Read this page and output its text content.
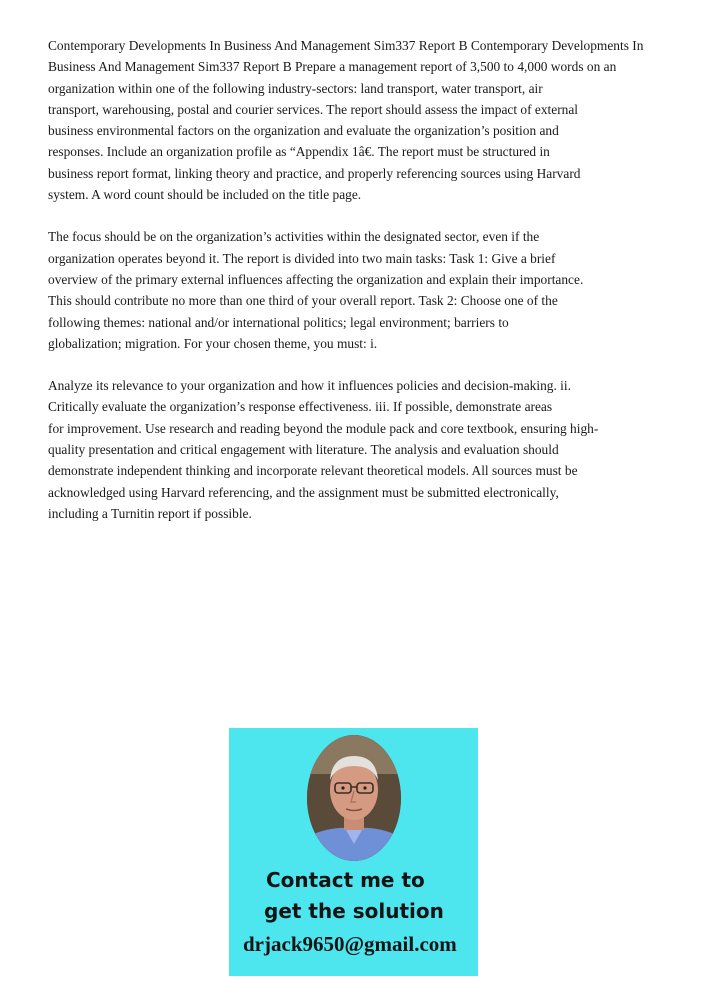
Contemporary Developments In Business And Management Sim337 Report B Contemporary Developments In
Business And Management Sim337 Report B Prepare a management report of 3,500 to 4,000 words on an
organization within one of the following industry-sectors: land transport, water transport, air
transport, warehousing, postal and courier services. The report should assess the impact of external
business environmental factors on the organization and evaluate the organization’s position and
responses. Include an organization profile as “Appendix 1â€. The report must be structured in
business report format, linking theory and practice, and properly referencing sources using Harvard
system. A word count should be included on the title page.

The focus should be on the organization’s activities within the designated sector, even if the
organization operates beyond it. The report is divided into two main tasks: Task 1: Give a brief
overview of the primary external influences affecting the organization and explain their importance.
This should contribute no more than one third of your overall report. Task 2: Choose one of the
following themes: national and/or international politics; legal environment; barriers to
globalization; migration. For your chosen theme, you must: i.

Analyze its relevance to your organization and how it influences policies and decision-making. ii.
Critically evaluate the organization’s response effectiveness. iii. If possible, demonstrate areas
for improvement. Use research and reading beyond the module pack and core textbook, ensuring high-
quality presentation and critical engagement with literature. The analysis and evaluation should
demonstrate independent thinking and incorporate relevant theoretical models. All sources must be
acknowledged using Harvard referencing, and the assignment must be submitted electronically,
including a Turnitin report if possible.

Contact me to
get the solution
drjack9650@gmail.com
